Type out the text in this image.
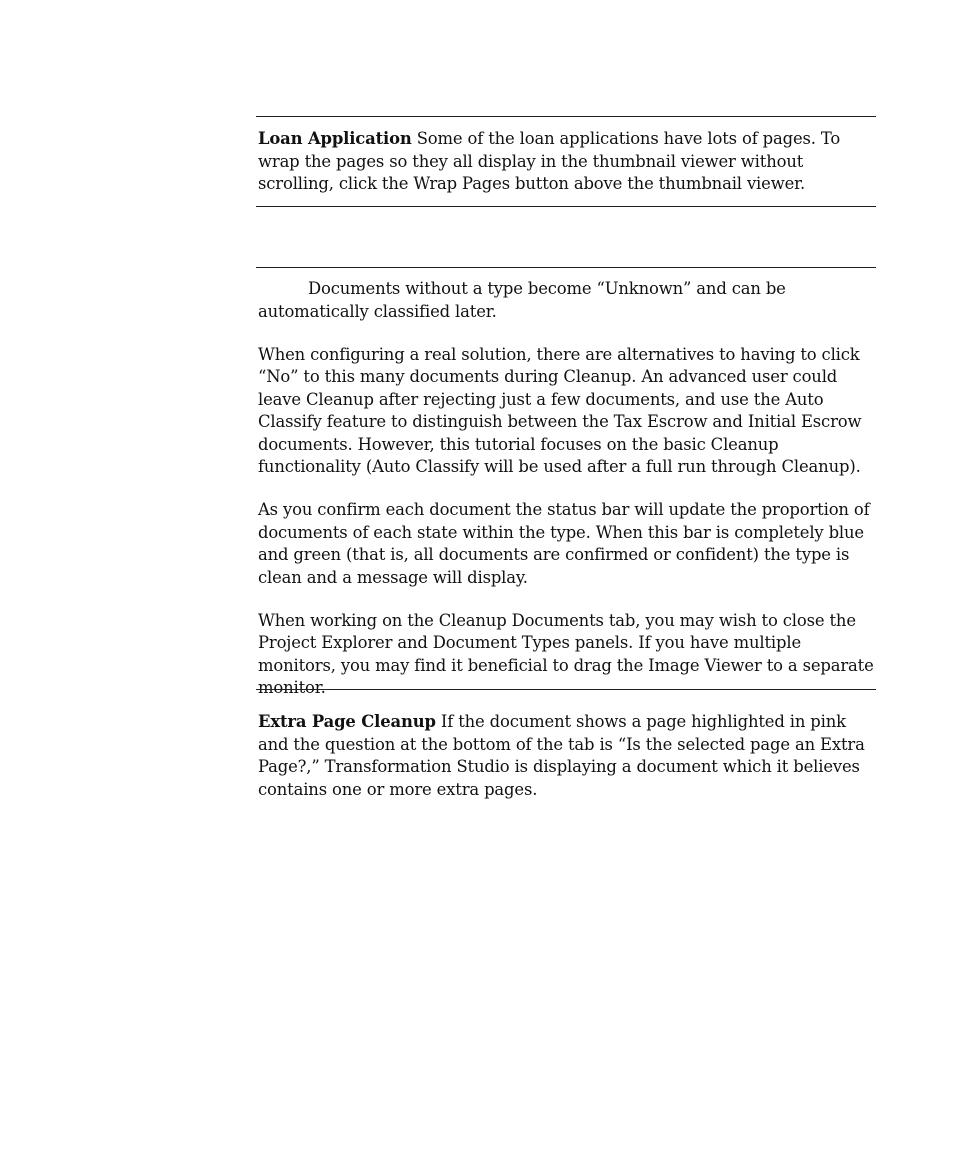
Loan Application Some of the loan applications have lots of pages. To wrap the pages so they all display in the thumbnail viewer without scrolling, click the Wrap Pages button above the thumbnail viewer.

Documents without a type become “Unknown” and can be automatically classified later.

When configuring a real solution, there are alternatives to having to click “No” to this many documents during Cleanup. An advanced user could leave Cleanup after rejecting just a few documents, and use the Auto Classify feature to distinguish between the Tax Escrow and Initial Escrow documents. However, this tutorial focuses on the basic Cleanup functionality (Auto Classify will be used after a full run through Cleanup).

As you confirm each document the status bar will update the proportion of documents of each state within the type. When this bar is completely blue and green (that is, all documents are confirmed or confident) the type is clean and a message will display.

When working on the Cleanup Documents tab, you may wish to close the Project Explorer and Document Types panels. If you have multiple monitors, you may find it beneficial to drag the Image Viewer to a separate monitor.

Extra Page Cleanup If the document shows a page highlighted in pink and the question at the bottom of the tab is “Is the selected page an Extra Page?,” Transformation Studio is displaying a document which it believes contains one or more extra pages.
